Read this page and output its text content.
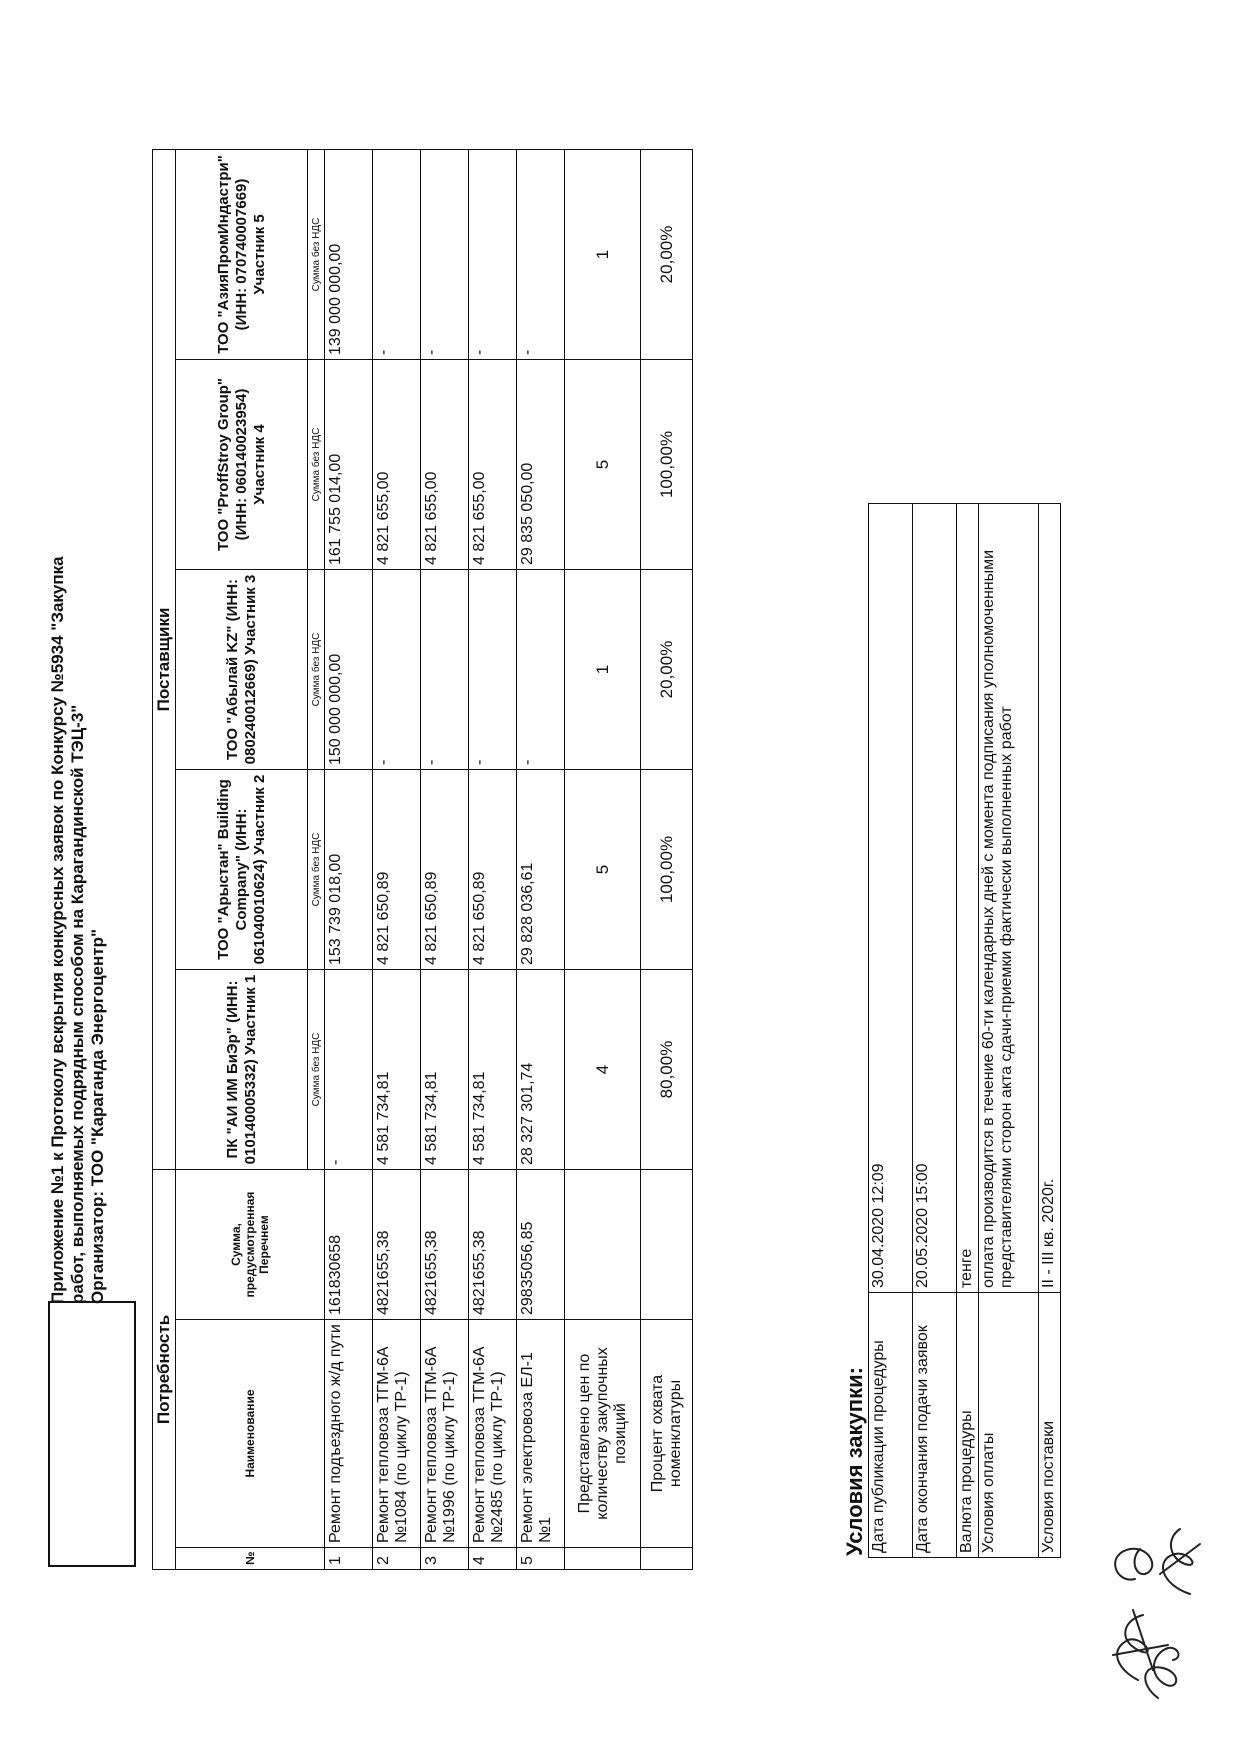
Приложение №1 к Протоколу вскрытия конкурсных заявок по Конкурсу №5934 "Закупка работ, выполняемых подрядным способом на Карагандинской ТЭЦ-3" Организатор: ТОО "Караганда Энергоцентр"
Потребность			Поставщики				
№	Наименование	Сумма, предусмотренная Перечнем	ПК "АИ ИМ БиЭр" (ИНН: 010140005332) Участник 1	ТОО "Арыстан" Building Company" (ИНН: 061040010624) Участник 2	ТОО "Абылай KZ" (ИНН: 080240012669) Участник 3	ТОО "ProffStroy Group" (ИНН: 060140023954) Участник 4	ТОО "АзияПромИндастри" (ИНН: 070740007669) Участник 5
			Сумма без НДС	Сумма без НДС	Сумма без НДС	Сумма без НДС	Сумма без НДС
1	Ремонт подъездного ж/д пути	161830658	-	153 739 018,00	150 000 000,00	161 755 014,00	139 000 000,00
2	Ремонт тепловоза ТГМ-6А №1084 (по циклу ТР-1)	4821655,38	4 581 734,81	4 821 650,89	-	4 821 655,00	-
3	Ремонт тепловоза ТГМ-6А №1996 (по циклу ТР-1)	4821655,38	4 581 734,81	4 821 650,89	-	4 821 655,00	-
4	Ремонт тепловоза ТГМ-6А №2485 (по циклу ТР-1)	4821655,38	4 581 734,81	4 821 650,89	-	4 821 655,00	-
5	Ремонт электровоза ЕЛ-1 №1	29835056,85	28 327 301,74	29 828 036,61	-	29 835 050,00	-
	Представлено цен по количеству закупочных позиций		4	5	1	5	1
	Процент охвата номенклатуры		80,00%	100,00%	20,00%	100,00%	20,00%
Условия закупки: Дата публикации процедуры	30.04.2020 12:09
Дата окончания подачи заявок	20.05.2020 15:00
Валюта процедуры	тенге
Условия оплаты	оплата производится в течение 60-ти календарных дней с момента подписания уполномоченными представителями сторон акта сдачи-приемки фактически выполненных работ
Условия поставки	II - III кв. 2020г.
